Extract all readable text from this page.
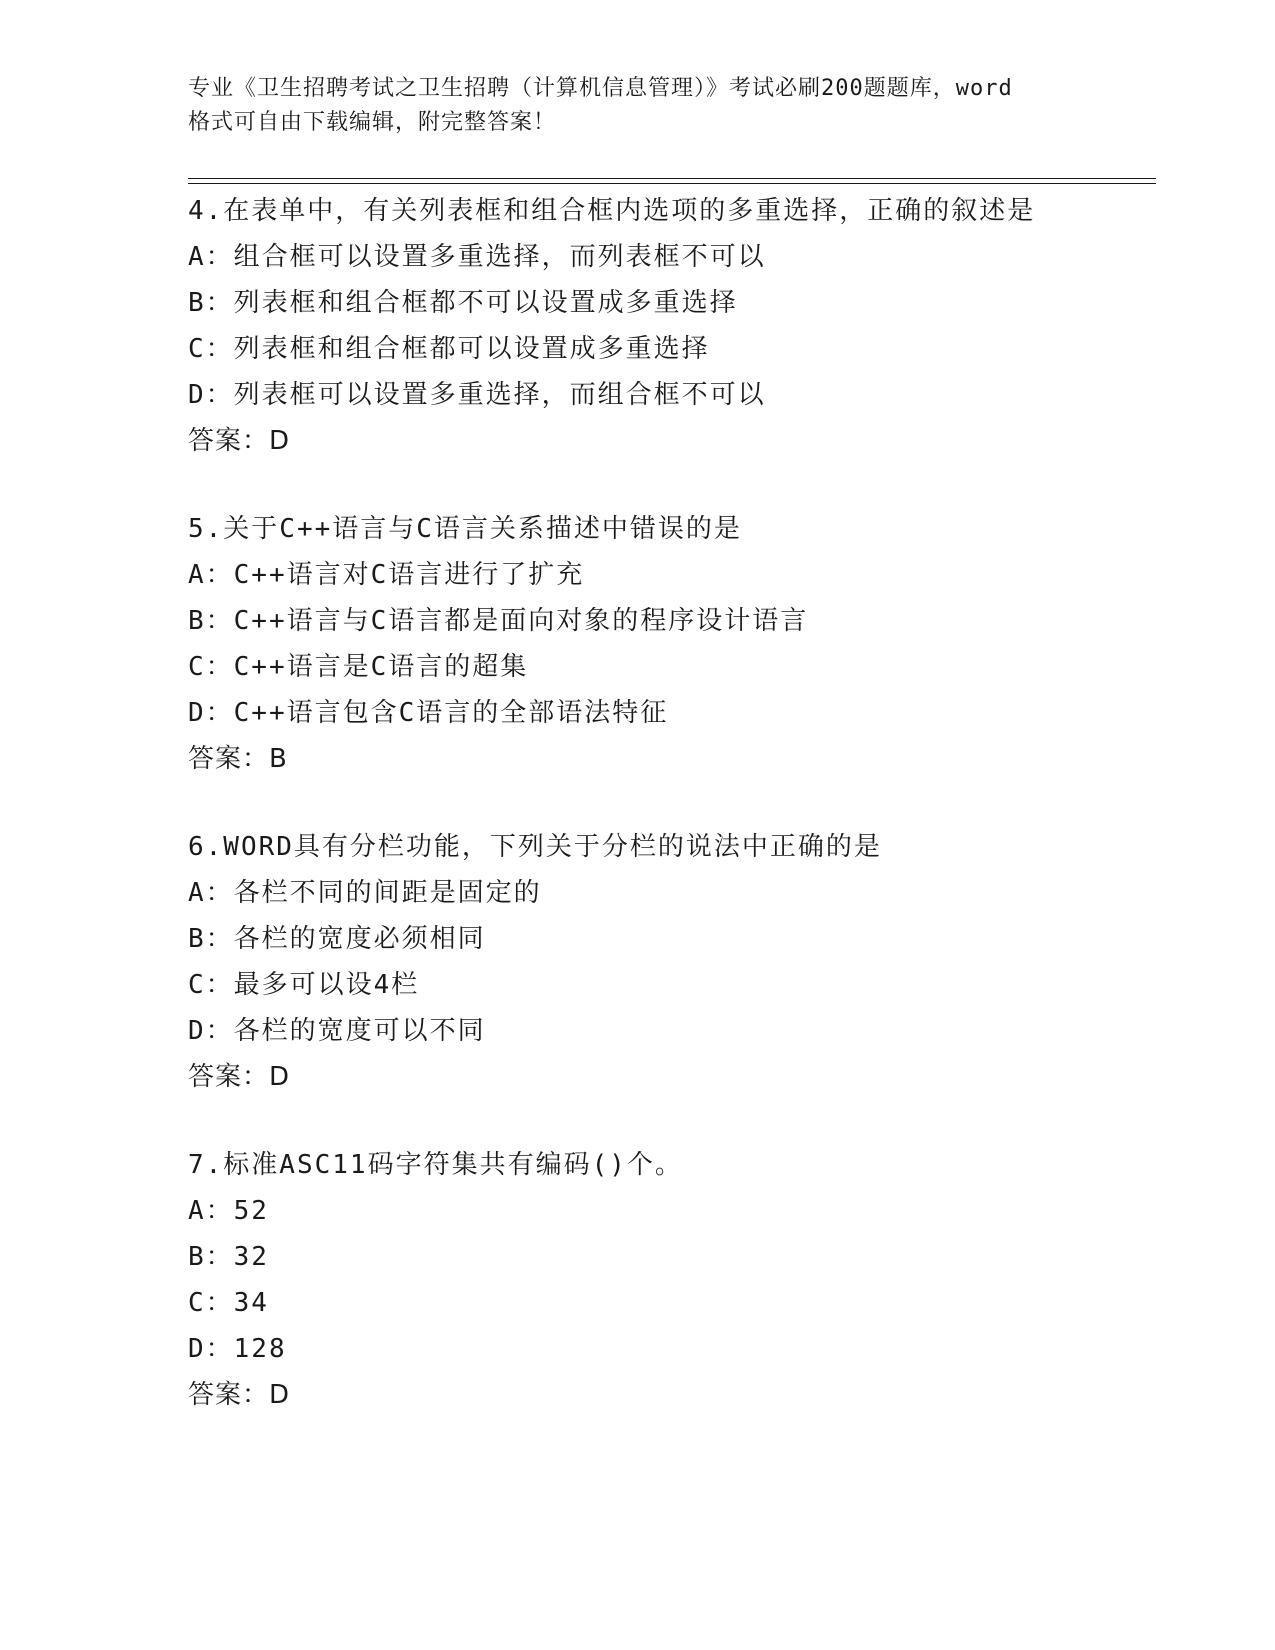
专业《卫生招聘考试之卫生招聘（计算机信息管理）》考试必刷200题题库，word
格式可自由下载编辑，附完整答案！
4.在表单中，有关列表框和组合框内选项的多重选择，正确的叙述是
A：组合框可以设置多重选择，而列表框不可以
B：列表框和组合框都不可以设置成多重选择
C：列表框和组合框都可以设置成多重选择
D：列表框可以设置多重选择，而组合框不可以
答案：D
5.关于C++语言与C语言关系描述中错误的是
A：C++语言对C语言进行了扩充
B：C++语言与C语言都是面向对象的程序设计语言
C：C++语言是C语言的超集
D：C++语言包含C语言的全部语法特征
答案：B
6.WORD具有分栏功能，下列关于分栏的说法中正确的是
A：各栏不同的间距是固定的
B：各栏的宽度必须相同
C：最多可以设4栏
D：各栏的宽度可以不同
答案：D
7.标准ASC11码字符集共有编码()个。
A：52
B：32
C：34
D：128
答案：D
